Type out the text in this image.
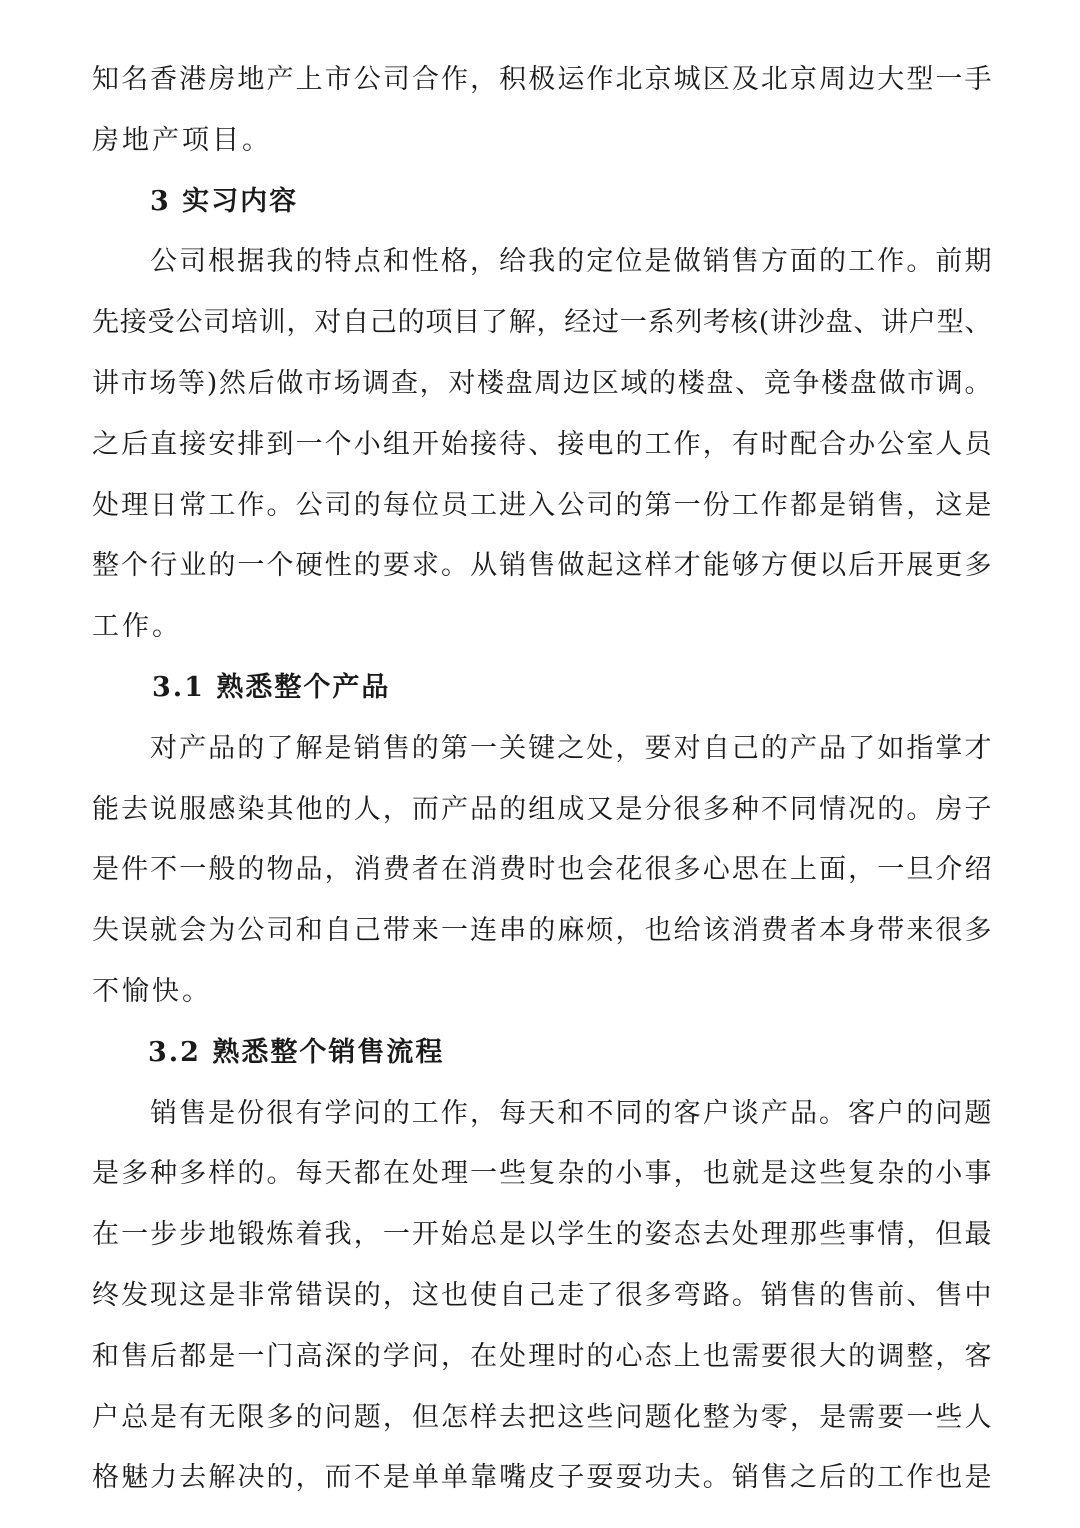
知名香港房地产上市公司合作，积极运作北京城区及北京周边大型一手
房地产项目。
3 实习内容
公司根据我的特点和性格，给我的定位是做销售方面的工作。前期
先接受公司培训，对自己的项目了解，经过一系列考核(讲沙盘、讲户型、
讲市场等)然后做市场调查，对楼盘周边区域的楼盘、竞争楼盘做市调。
之后直接安排到一个小组开始接待、接电的工作，有时配合办公室人员
处理日常工作。公司的每位员工进入公司的第一份工作都是销售，这是
整个行业的一个硬性的要求。从销售做起这样才能够方便以后开展更多
工作。
3.1 熟悉整个产品
对产品的了解是销售的第一关键之处，要对自己的产品了如指掌才
能去说服感染其他的人，而产品的组成又是分很多种不同情况的。房子
是件不一般的物品，消费者在消费时也会花很多心思在上面，一旦介绍
失误就会为公司和自己带来一连串的麻烦，也给该消费者本身带来很多
不愉快。
3.2 熟悉整个销售流程
销售是份很有学问的工作，每天和不同的客户谈产品。客户的问题
是多种多样的。每天都在处理一些复杂的小事，也就是这些复杂的小事
在一步步地锻炼着我，一开始总是以学生的姿态去处理那些事情，但最
终发现这是非常错误的，这也使自己走了很多弯路。销售的售前、售中
和售后都是一门高深的学问，在处理时的心态上也需要很大的调整，客
户总是有无限多的问题，但怎样去把这些问题化整为零，是需要一些人
格魅力去解决的，而不是单单靠嘴皮子耍耍功夫。销售之后的工作也是
